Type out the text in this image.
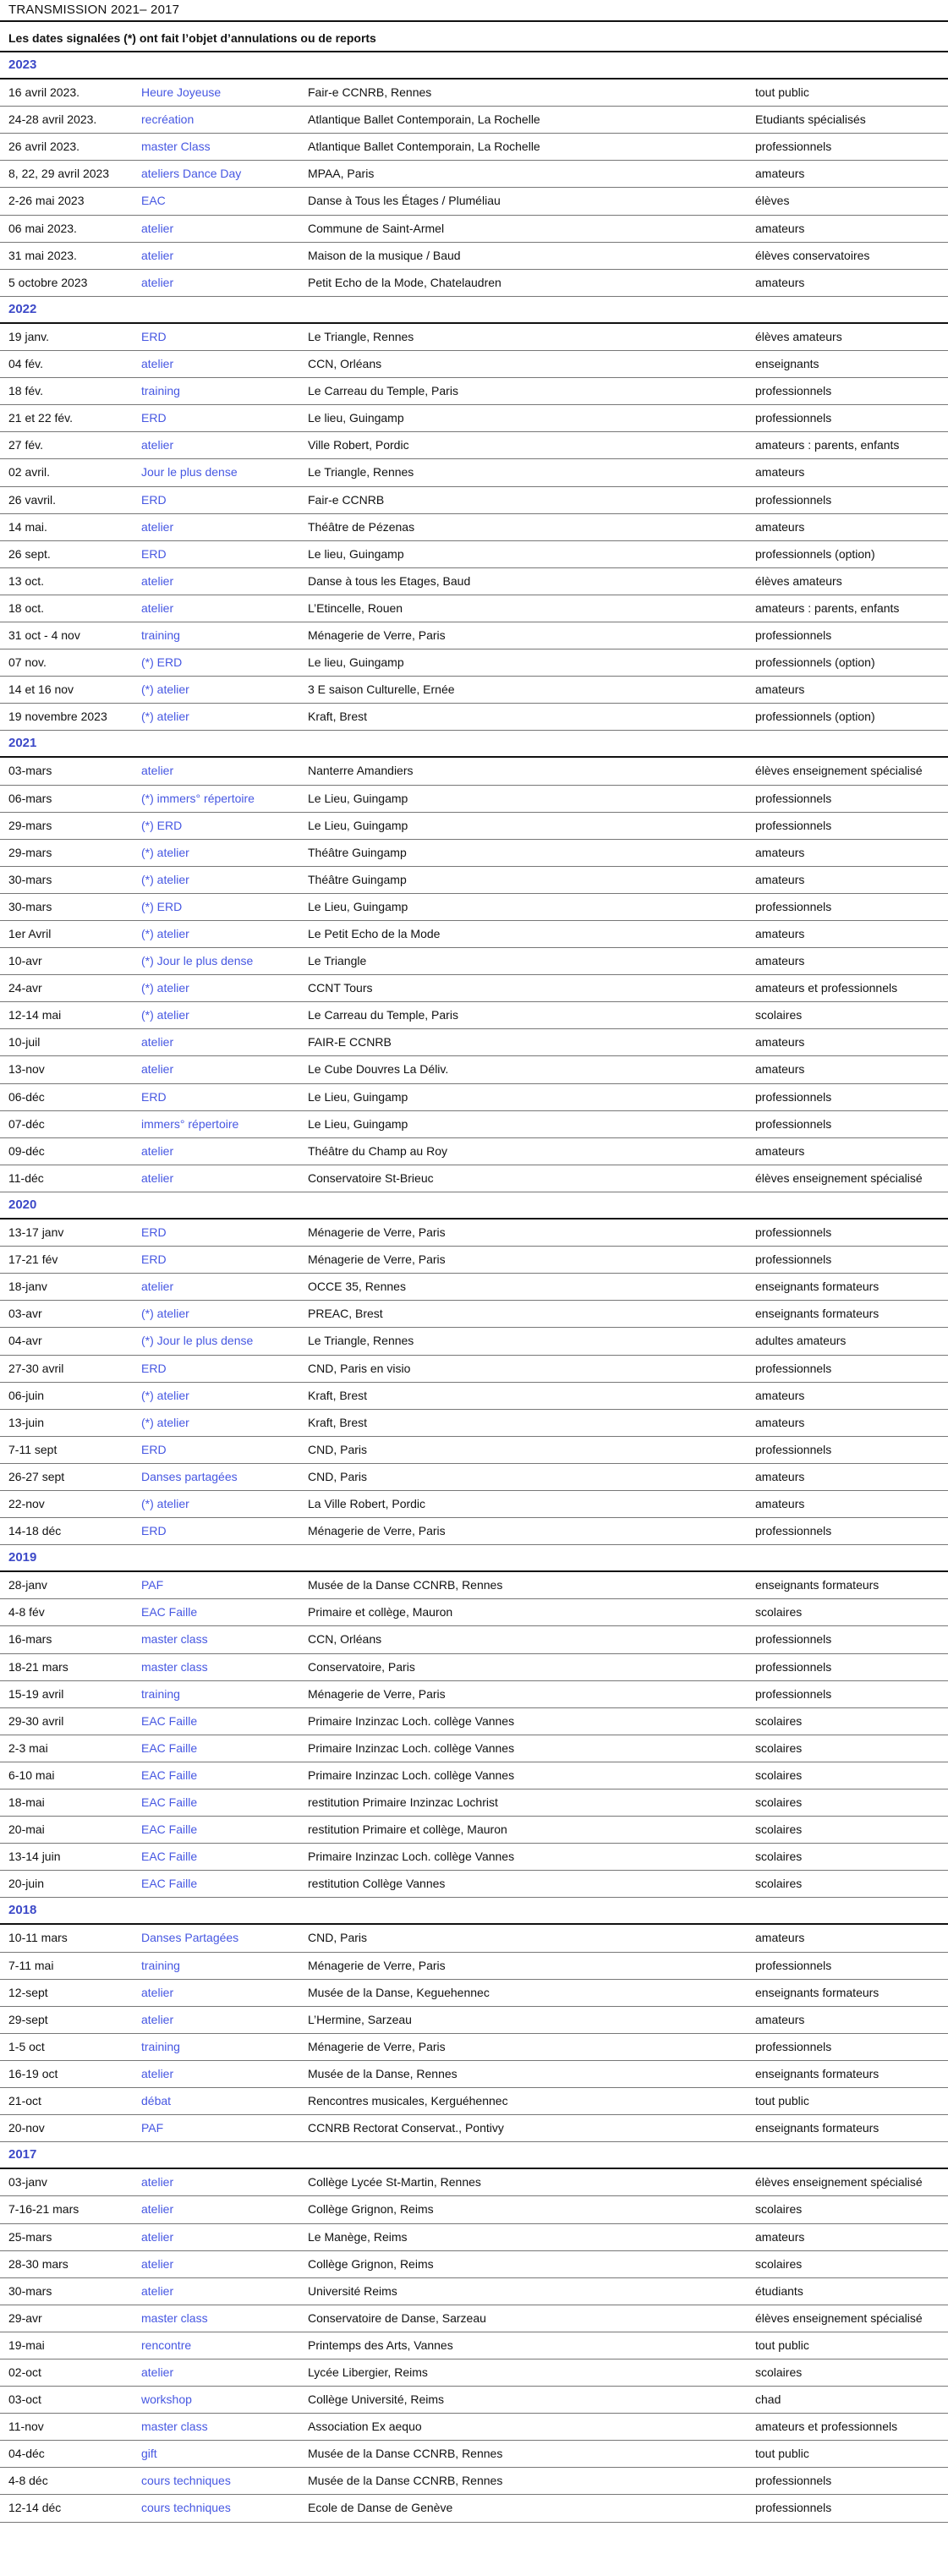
TRANSMISSION 2021– 2017
Les dates signalées (*) ont fait l’objet d’annulations ou de reports
2023
16 avril 2023.	Heure Joyeuse	Fair-e CCNRB, Rennes	tout public
24-28 avril 2023.	recréation	Atlantique Ballet Contemporain, La Rochelle	Etudiants spécialisés
26 avril 2023.	master Class	Atlantique Ballet Contemporain, La Rochelle	professionnels
8, 22, 29 avril 2023	ateliers Dance Day	MPAA, Paris	amateurs
2-26 mai 2023	EAC	Danse à Tous les Étages / Pluméliau	élèves
06 mai 2023.	atelier	Commune de Saint-Armel	amateurs
31 mai 2023.	atelier	Maison de la musique / Baud	élèves conservatoires
5 octobre 2023	atelier	Petit Echo de la Mode, Chatelaudren	amateurs
2022
19 janv.	ERD	Le Triangle, Rennes	élèves amateurs
04 fév.	atelier	CCN, Orléans	enseignants
18 fév.	training	Le Carreau du Temple, Paris	professionnels
21 et 22 fév.	ERD	Le lieu, Guingamp	professionnels
27 fév.	atelier	Ville Robert, Pordic	amateurs : parents, enfants
02 avril.	Jour le plus dense	Le Triangle, Rennes	amateurs
26 vavril.	ERD	Fair-e CCNRB	professionnels
14 mai.	atelier	Théâtre de Pézenas	amateurs
26 sept.	ERD	Le lieu, Guingamp	professionnels (option)
13 oct.	atelier	Danse à tous les Etages, Baud	élèves amateurs
18 oct.	atelier	L’Etincelle, Rouen	amateurs : parents, enfants
31 oct - 4 nov	training	Ménagerie de Verre, Paris	professionnels
07 nov.	(*) ERD	Le lieu, Guingamp	professionnels (option)
14 et 16 nov	(*) atelier	3 E saison Culturelle, Ernée	amateurs
19 novembre 2023	(*) atelier	Kraft, Brest	professionnels (option)
2021
03-mars	atelier	Nanterre Amandiers	élèves enseignement spécialisé
06-mars	(*) immers° répertoire	Le Lieu, Guingamp	professionnels
29-mars	(*) ERD	Le Lieu, Guingamp	professionnels
29-mars	(*) atelier	Théâtre Guingamp	amateurs
30-mars	(*) atelier	Théâtre Guingamp	amateurs
30-mars	(*) ERD	Le Lieu, Guingamp	professionnels
1er Avril	(*) atelier	Le Petit Echo de la Mode	amateurs
10-avr	(*) Jour le plus dense	Le Triangle	amateurs
24-avr	(*) atelier	CCNT Tours	amateurs et professionnels
12-14 mai	(*) atelier	Le Carreau du Temple, Paris	scolaires
10-juil	atelier	FAIR-E CCNRB	amateurs
13-nov	atelier	Le Cube Douvres La Déliv.	amateurs
06-déc	ERD	Le Lieu, Guingamp	professionnels
07-déc	immers° répertoire	Le Lieu, Guingamp	professionnels
09-déc	atelier	Théâtre du Champ au Roy	amateurs
11-déc	atelier	Conservatoire St-Brieuc	élèves enseignement spécialisé
2020
13-17 janv	ERD	Ménagerie de Verre, Paris	professionnels
17-21 fév	ERD	Ménagerie de Verre, Paris	professionnels
18-janv	atelier	OCCE 35, Rennes	enseignants formateurs
03-avr	(*) atelier	PREAC, Brest	enseignants formateurs
04-avr	(*) Jour le plus dense	Le Triangle, Rennes	adultes amateurs
27-30 avril	ERD	CND, Paris en visio	professionnels
06-juin	(*) atelier	Kraft, Brest	amateurs
13-juin	(*) atelier	Kraft, Brest	amateurs
7-11 sept	ERD	CND, Paris	professionnels
26-27 sept	Danses partagées	CND, Paris	amateurs
22-nov	(*) atelier	La Ville Robert, Pordic	amateurs
14-18 déc	ERD	Ménagerie de Verre, Paris	professionnels
2019
28-janv	PAF	Musée de la Danse CCNRB, Rennes	enseignants formateurs
4-8 fév	EAC Faille	Primaire et collège, Mauron	scolaires
16-mars	master class	CCN, Orléans	professionnels
18-21 mars	master class	Conservatoire, Paris	professionnels
15-19 avril	training	Ménagerie de Verre, Paris	professionnels
29-30 avril	EAC Faille	Primaire Inzinzac Loch. collège Vannes	scolaires
2-3 mai	EAC Faille	Primaire Inzinzac Loch. collège Vannes	scolaires
6-10 mai	EAC Faille	Primaire Inzinzac Loch. collège Vannes	scolaires
18-mai	EAC Faille	restitution Primaire Inzinzac Lochrist	scolaires
20-mai	EAC Faille	restitution Primaire et collège, Mauron	scolaires
13-14 juin	EAC Faille	Primaire Inzinzac Loch. collège Vannes	scolaires
20-juin	EAC Faille	restitution Collège Vannes	scolaires
2018
10-11 mars	Danses Partagées	CND, Paris	amateurs
7-11 mai	training	Ménagerie de Verre, Paris	professionnels
12-sept	atelier	Musée de la Danse, Keguehennec	enseignants formateurs
29-sept	atelier	L’Hermine, Sarzeau	amateurs
1-5 oct	training	Ménagerie de Verre, Paris	professionnels
16-19 oct	atelier	Musée de la Danse, Rennes	enseignants formateurs
21-oct	débat	Rencontres musicales, Kerguéhennec	tout public
20-nov	PAF	CCNRB Rectorat Conservat., Pontivy	enseignants formateurs
2017
03-janv	atelier	Collège Lycée St-Martin, Rennes	élèves enseignement spécialisé
7-16-21 mars	atelier	Collège Grignon, Reims	scolaires
25-mars	atelier	Le Manège, Reims	amateurs
28-30 mars	atelier	Collège Grignon, Reims	scolaires
30-mars	atelier	Université Reims	étudiants
29-avr	master class	Conservatoire de Danse, Sarzeau	élèves enseignement spécialisé
19-mai	rencontre	Printemps des Arts, Vannes	tout public
02-oct	atelier	Lycée Libergier, Reims	scolaires
03-oct	workshop	Collège Université, Reims	chad
11-nov	master class	Association Ex aequo	amateurs et professionnels
04-déc	gift	Musée de la Danse CCNRB, Rennes	tout public
4-8 déc	cours techniques	Musée de la Danse CCNRB, Rennes	professionnels
12-14 déc	cours techniques	Ecole de Danse de Genève	professionnels
